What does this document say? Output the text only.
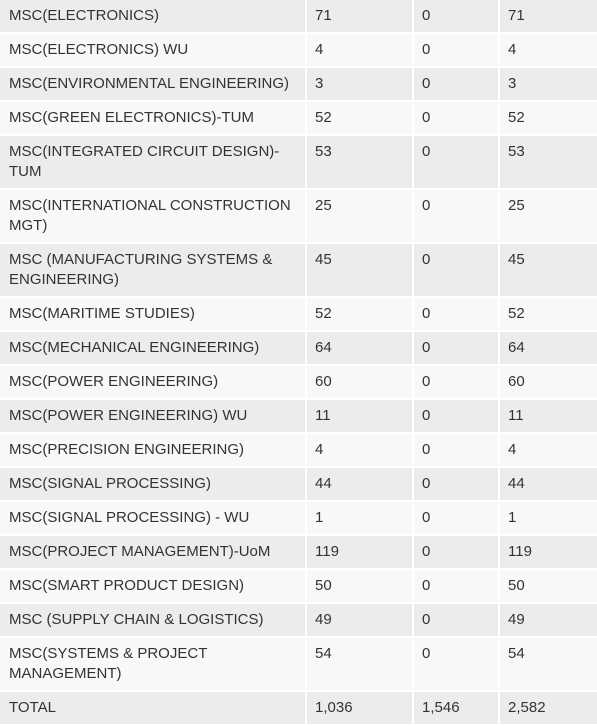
MSC(ELECTRONICS)	71	0	71
MSC(ELECTRONICS) WU	4	0	4
MSC(ENVIRONMENTAL ENGINEERING)	3	0	3
MSC(GREEN ELECTRONICS)-TUM	52	0	52
MSC(INTEGRATED CIRCUIT DESIGN)-TUM	53	0	53
MSC(INTERNATIONAL CONSTRUCTION MGT)	25	0	25
MSC (MANUFACTURING SYSTEMS & ENGINEERING)	45	0	45
MSC(MARITIME STUDIES)	52	0	52
MSC(MECHANICAL ENGINEERING)	64	0	64
MSC(POWER ENGINEERING)	60	0	60
MSC(POWER ENGINEERING) WU	11	0	11
MSC(PRECISION ENGINEERING)	4	0	4
MSC(SIGNAL PROCESSING)	44	0	44
MSC(SIGNAL PROCESSING) - WU	1	0	1
MSC(PROJECT MANAGEMENT)-UoM	119	0	119
MSC(SMART PRODUCT DESIGN)	50	0	50
MSC (SUPPLY CHAIN & LOGISTICS)	49	0	49
MSC(SYSTEMS & PROJECT MANAGEMENT)	54	0	54
TOTAL	1,036	1,546	2,582
